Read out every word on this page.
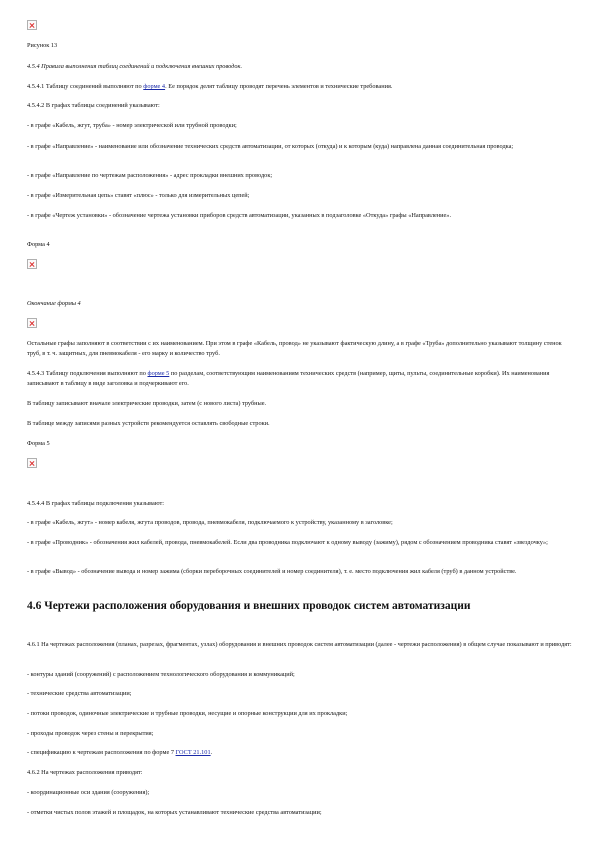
Рисунок 13
4.5.4 Правила выполнения таблиц соединений и подключения внешних проводок.
4.5.4.1 Таблицу соединений выполняют по форме 4. Ее порядок делят таблицу проводят перечень элементов и технические требования.
4.5.4.2 В графах таблицы соединений указывают:
- в графе «Кабель, жгут, труба» - номер электрической или трубной проводки;
- в графе «Направление» - наименование или обозначение технических средств автоматизации, от которых (откуда) и к которым (куда) направлена данная соединительная проводка;
- в графе «Направление по чертежам расположения» - адрес прокладки внешних проводок;
- в графе «Измерительная цепь» ставят «плюс» - только для измерительных цепей;
- в графе «Чертеж установки» - обозначение чертежа установки приборов средств автоматизации, указанных в подзаголовке «Откуда» графы «Направление».
Форма 4
Окончание формы 4
Остальные графы заполняют в соответствии с их наименованием. При этом в графе «Кабель, провод» не указывают фактическую длину, а в графе «Труба» дополнительно указывают толщину стенок труб, в т. ч. защитных, для пневмокабеля - его марку и количество труб.
4.5.4.3 Таблицу подключения выполняют по форме 5 по разделам, соответствующим наименованиям технических средств (например, щиты, пульты, соединительные коробки). Их наименования записывают в таблицу в виде заголовка и подчеркивают его.
В таблицу записывают вначале электрические проводки, затем (с нового листа) трубные.
В таблице между записями разных устройств рекомендуется оставлять свободные строки.
Форма 5
4.5.4.4 В графах таблицы подключения указывают:
- в графе «Кабель, жгут» - номер кабеля, жгута проводов, провода, пневмокабеля, подключаемого к устройству, указанному в заголовке;
- в графе «Проводник» - обозначения жил кабелей, провода, пневмокабелей. Если два проводника подключают к одному выводу (зажиму), рядом с обозначением проводника ставят «звездочку»;
- в графе «Вывод» - обозначение вывода и номер зажима (сборки переборочных соединителей и номер соединителя), т. е. место подключения жил кабеля (труб) в данном устройстве.
4.6 Чертежи расположения оборудования и внешних проводок систем автоматизации
4.6.1 На чертежах расположения (планах, разрезах, фрагментах, узлах) оборудования и внешних проводок систем автоматизации (далее - чертежи расположения) в общем случае показывают и приводят:
- контуры зданий (сооружений) с расположением технологического оборудования и коммуникаций;
- технические средства автоматизации;
- потоки проводок, одиночные электрические и трубные проводки, несущие и опорные конструкции для их прокладки;
- проходы проводок через стены и перекрытия;
- спецификацию к чертежам расположения по форме 7 ГОСТ 21.101.
4.6.2 На чертежах расположения приводят:
- координационные оси здания (сооружения);
- отметки чистых полов этажей и площадок, на которых устанавливают технические средства автоматизации;
